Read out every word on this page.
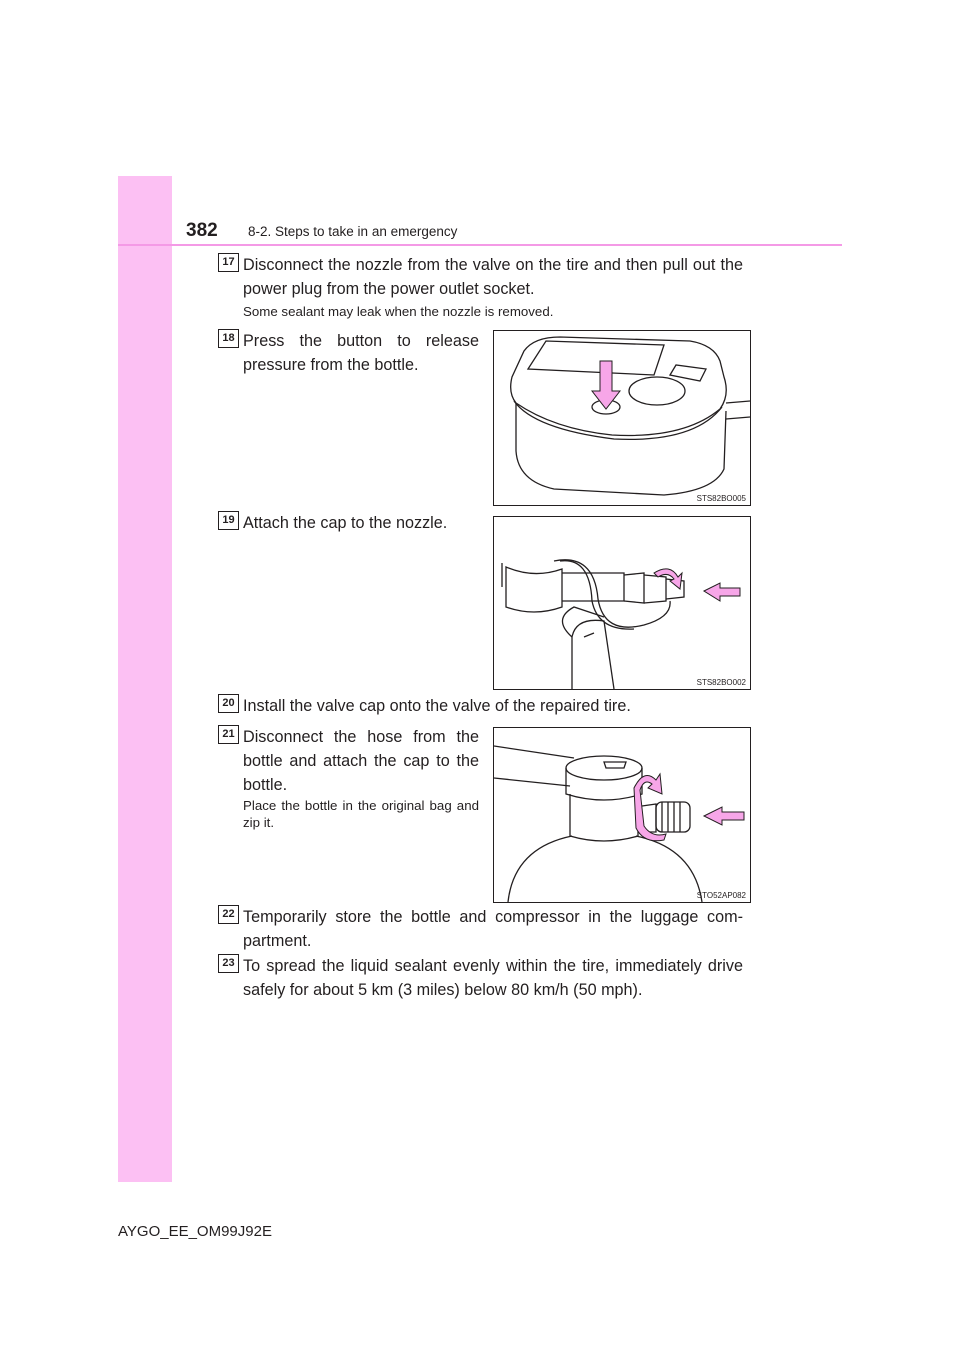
382 8-2. Steps to take in an emergency
17 Disconnect the nozzle from the valve on the tire and then pull out the power plug from the power outlet socket.
Some sealant may leak when the nozzle is removed.
18 Press the button to release pressure from the bottle.
STS82BO005
19 Attach the cap to the nozzle.
STS82BO002
20 Install the valve cap onto the valve of the repaired tire.
21 Disconnect the hose from the bottle and attach the cap to the bottle.
Place the bottle in the original bag and zip it.
STO52AP082
22 Temporarily store the bottle and compressor in the luggage com-partment.
23 To spread the liquid sealant evenly within the tire, immediately drive safely for about 5 km (3 miles) below 80 km/h (50 mph).
AYGO_EE_OM99J92E
